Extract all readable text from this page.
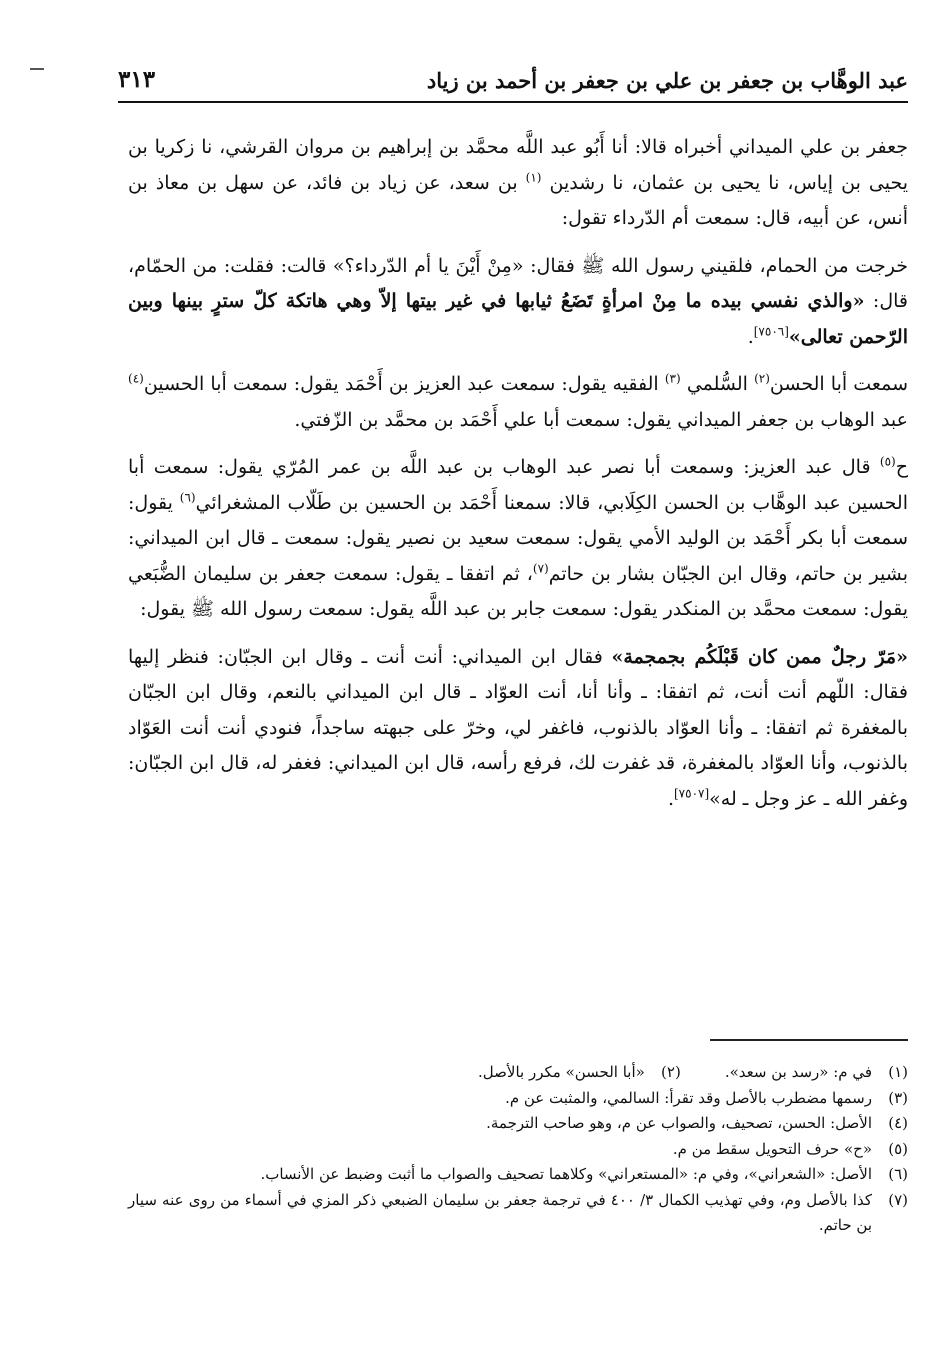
عبد الوهَّاب بن جعفر بن علي بن جعفر بن أحمد بن زياد
٣١٣

جعفر بن علي الميداني أخبراه قالا: أنا أَبُو عبد اللَّه محمَّد بن إبراهيم بن مروان القرشي، نا زكريا بن يحيى بن إياس، نا يحيى بن عثمان، نا رشدين $^{(١)}$ بن سعد، عن زياد بن فائد، عن سهل بن معاذ بن أنس، عن أبيه، قال: سمعت أم الدّرداء تقول:

خرجت من الحمام، فلقيني رسول الله ﷺ فقال: «مِنْ أَيْنَ يا أم الدّرداء؟» قالت: فقلت: من الحمّام، قال: «والذي نفسي بيده ما مِنْ امرأةٍ تَضَعُ ثيابها في غير بيتها إلاّ وهي هاتكة كلّ سترٍ بينها وبين الرّحمن تعالى»[٧٥٠٦].

سمعت أبا الحسن$^{(٢)}$ السُّلمي $^{(٣)}$ الفقيه يقول: سمعت عبد العزيز بن أَحْمَد يقول: سمعت أبا الحسين$^{(٤)}$ عبد الوهاب بن جعفر الميداني يقول: سمعت أبا علي أَحْمَد بن محمَّد بن الزّفتي.

ح$^{(٥)}$ قال عبد العزيز: وسمعت أبا نصر عبد الوهاب بن عبد اللَّه بن عمر المُرّي يقول: سمعت أبا الحسين عبد الوهَّاب بن الحسن الكِلَابي، قالا: سمعنا أَحْمَد بن الحسين بن طَلّاب المشغرائي$^{(٦)}$ يقول: سمعت أبا بكر أَحْمَد بن الوليد الأمي يقول: سمعت سعيد بن نصير يقول: سمعت ـ قال ابن الميداني: بشير بن حاتم، وقال ابن الجبّان بشار بن حاتم$^{(٧)}$، ثم اتفقا ـ يقول: سمعت جعفر بن سليمان الضُّبَعي يقول: سمعت محمَّد بن المنكدر يقول: سمعت جابر بن عبد اللَّه يقول: سمعت رسول الله ﷺ يقول:

«مَرّ رجلٌ ممن كان قَبْلَكُم بجمجمة» فقال ابن الميداني: أنت أنت ـ وقال ابن الجبّان: فنظر إليها فقال: اللّهم أنت أنت، ثم اتفقا: ـ وأنا أنا، أنت العوّاد ـ قال ابن الميداني بالنعم، وقال ابن الجبّان بالمغفرة ثم اتفقا: ـ وأنا العوّاد بالذنوب، فاغفر لي، وخرّ على جبهته ساجداً، فنودي أنت أنت العَوّاد بالذنوب، وأنا العوّاد بالمغفرة، قد غفرت لك، فرفع رأسه، قال ابن الميداني: فغفر له، قال ابن الجبّان: وغفر الله ـ عز وجل ـ له»[٧٥٠٧].

(١)
في م: «رسد بن سعد».
(٢)
«أبا الحسن» مكرر بالأصل.
(٣)
رسمها مضطرب بالأصل وقد تقرأ: السالمي، والمثبت عن م.
(٤)
الأصل: الحسن، تصحيف، والصواب عن م، وهو صاحب الترجمة.
(٥)
«ح» حرف التحويل سقط من م.
(٦)
الأصل: «الشعراني»، وفي م: «المستعراني» وكلاهما تصحيف والصواب ما أثبت وضبط عن الأنساب.
(٧)
كذا بالأصل وم، وفي تهذيب الكمال ٣/ ٤٠٠ في ترجمة جعفر بن سليمان الضبعي ذكر المزي في أسماء من روى عنه سيار بن حاتم.
